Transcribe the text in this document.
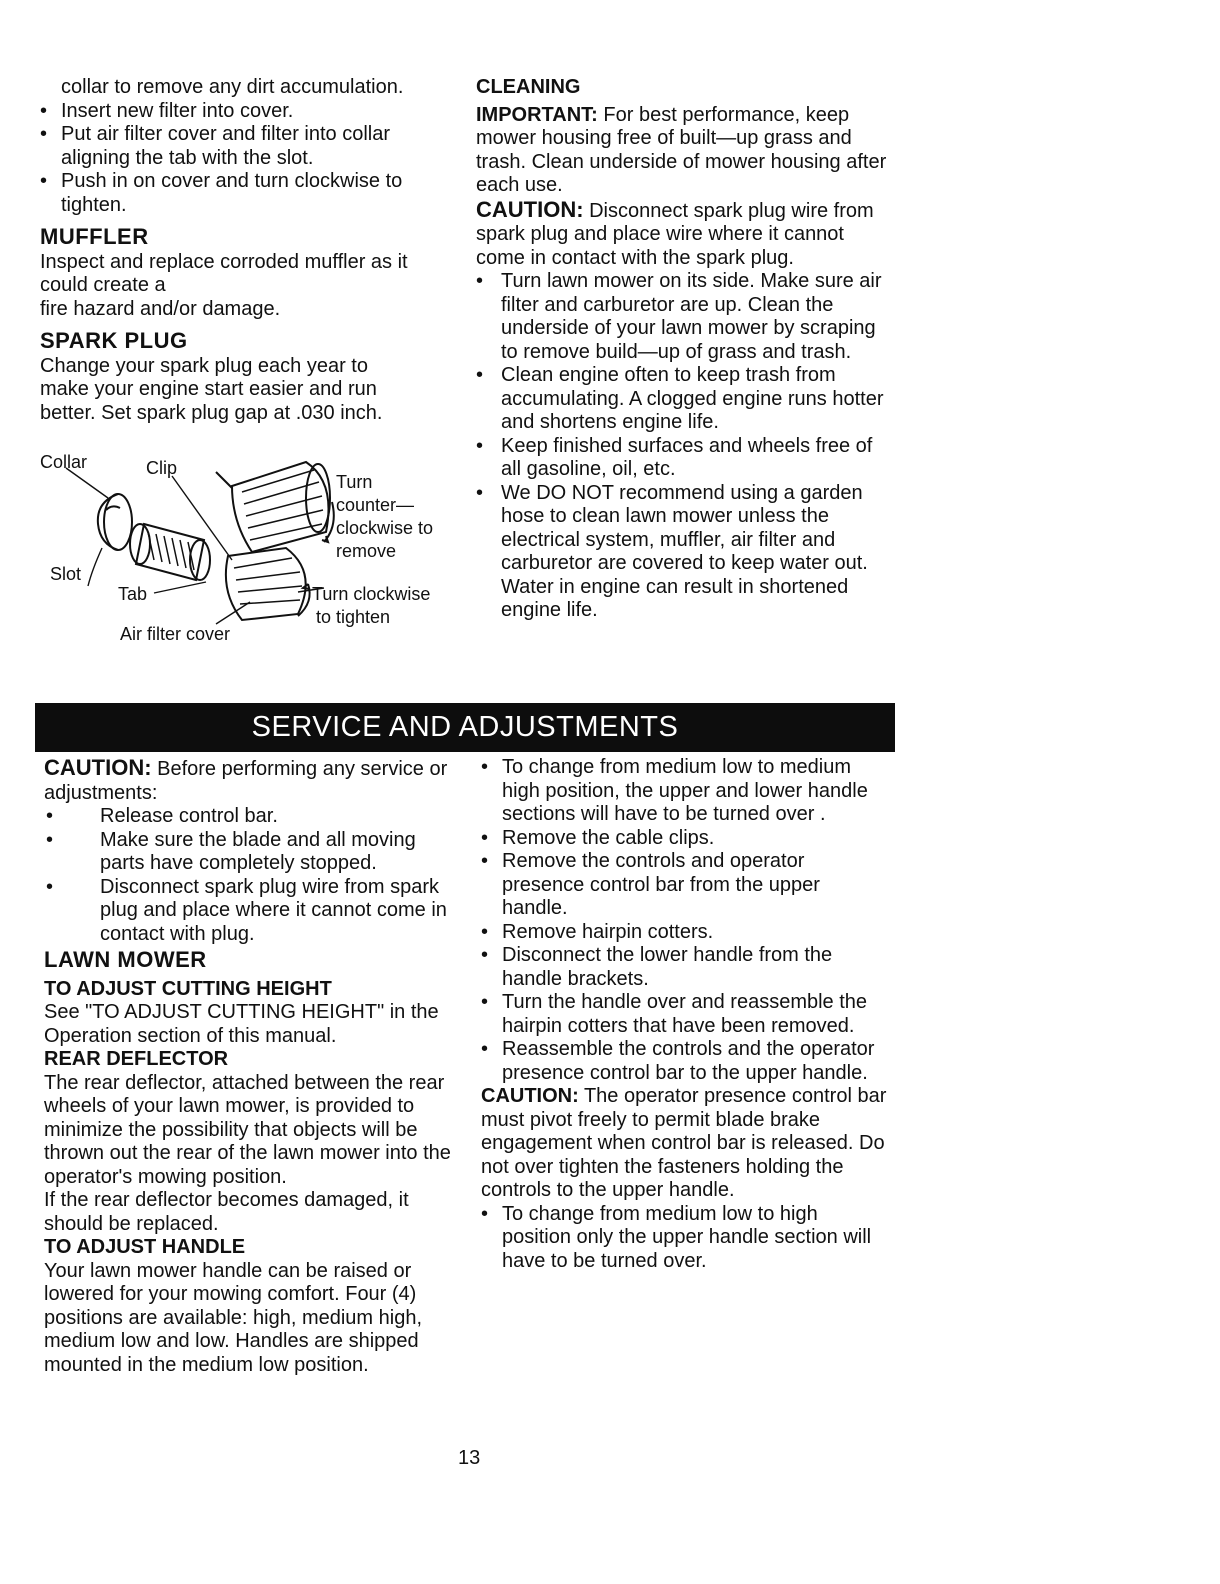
collar to remove any dirt accumulation.

• Insert new filter into cover.

• Put air filter cover and filter into collar aligning the tab with the slot.

• Push in on cover and turn clockwise to tighten.

MUFFLER

Inspect and replace corroded muffler as it could create a

fire hazard and/or damage.

SPARK PLUG

Change your spark plug each year to make your engine start easier and run better. Set spark plug gap at .030 inch.

Collar	Clip
Slot
Tab
Air filter cover
Turn
counter—
clockwise to
remove
Turn clockwise
to tighten

CLEANING

IMPORTANT: For best performance, keep mower housing free of built—up grass and trash. Clean underside of mower housing after each use.

CAUTION: Disconnect spark plug wire from spark plug and place wire where it cannot come in contact with the spark plug.

• Turn lawn mower on its side. Make sure air filter and carburetor are up. Clean the underside of your lawn mower by scraping to remove build—up of grass and trash.

• Clean engine often to keep trash from accumulating. A clogged engine runs hotter and shortens engine life.

• Keep finished surfaces and wheels free of all gasoline, oil, etc.

• We DO NOT recommend using a garden hose to clean lawn mower unless the electrical system, muffler, air filter and carburetor are covered to keep water out. Water in engine can result in shortened engine life.

SERVICE AND ADJUSTMENTS

CAUTION: Before performing any service or adjustments:

• Release control bar.

• Make sure the blade and all moving parts have completely stopped.

• Disconnect spark plug wire from spark plug and place where it cannot come in contact with plug.

LAWN MOWER

TO ADJUST CUTTING HEIGHT

See "TO ADJUST CUTTING HEIGHT" in the Operation section of this manual.

REAR DEFLECTOR

The rear deflector, attached between the rear wheels of your lawn mower, is provided to minimize the possibility that objects will be thrown out the rear of the lawn mower into the operator's mowing position.

If the rear deflector becomes damaged, it should be replaced.

TO ADJUST HANDLE

Your lawn mower handle can be raised or lowered for your mowing comfort. Four (4) positions are available: high, medium high, medium low and low. Handles are shipped mounted in the medium low position.

• To change from medium low to medium high position, the upper and lower handle sections will have to be turned over .

• Remove the cable clips.

• Remove the controls and operator presence control bar from the upper handle.

• Remove hairpin cotters.

• Disconnect the lower handle from the handle brackets.

• Turn the handle over and reassemble the hairpin cotters that have been removed.

• Reassemble the controls and the operator presence control bar to the upper handle.

CAUTION: The operator presence control bar must pivot freely to permit blade brake engagement when control bar is released. Do not over tighten the fasteners holding the controls to the upper handle.

• To change from medium low to high position only the upper handle section will have to be turned over.

13
